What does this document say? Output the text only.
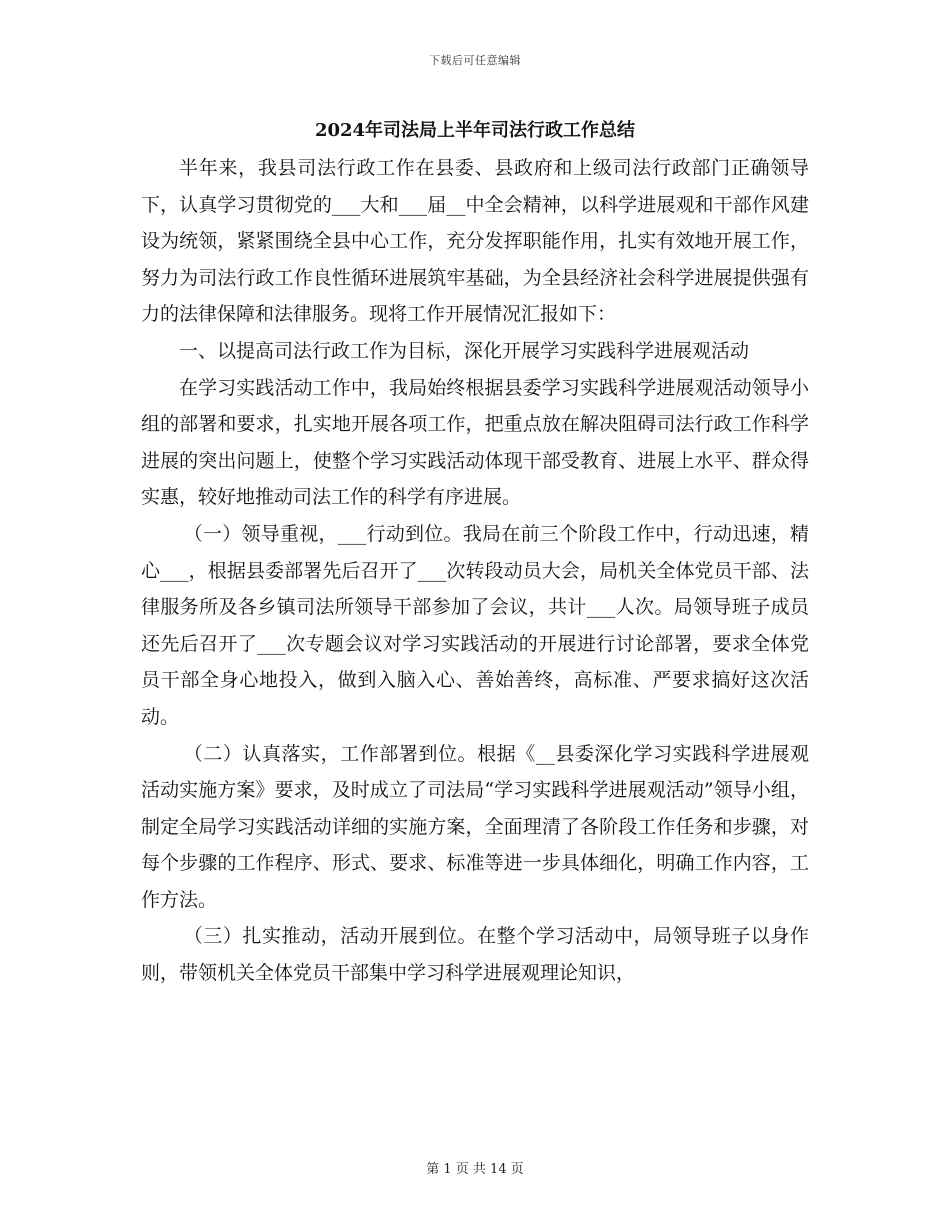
下载后可任意编辑
2024年司法局上半年司法行政工作总结

半年来，我县司法行政工作在县委、县政府和上级司法行政部门正确领导下，认真学习贯彻党的___大和___届__中全会精神，以科学进展观和干部作风建设为统领，紧紧围绕全县中心工作，充分发挥职能作用，扎实有效地开展工作，努力为司法行政工作良性循环进展筑牢基础，为全县经济社会科学进展提供强有力的法律保障和法律服务。现将工作开展情况汇报如下：

一、以提高司法行政工作为目标，深化开展学习实践科学进展观活动

在学习实践活动工作中，我局始终根据县委学习实践科学进展观活动领导小组的部署和要求，扎实地开展各项工作，把重点放在解决阻碍司法行政工作科学进展的突出问题上，使整个学习实践活动体现干部受教育、进展上水平、群众得实惠，较好地推动司法工作的科学有序进展。

（一）领导重视，___行动到位。我局在前三个阶段工作中，行动迅速，精心___，根据县委部署先后召开了___次转段动员大会，局机关全体党员干部、法律服务所及各乡镇司法所领导干部参加了会议，共计___人次。局领导班子成员还先后召开了___次专题会议对学习实践活动的开展进行讨论部署，要求全体党员干部全身心地投入，做到入脑入心、善始善终，高标准、严要求搞好这次活动。

（二）认真落实，工作部署到位。根据《__县委深化学习实践科学进展观活动实施方案》要求，及时成立了司法局“学习实践科学进展观活动”领导小组，制定全局学习实践活动详细的实施方案，全面理清了各阶段工作任务和步骤，对每个步骤的工作程序、形式、要求、标准等进一步具体细化，明确工作内容，工作方法。

（三）扎实推动，活动开展到位。在整个学习活动中，局领导班子以身作则，带领机关全体党员干部集中学习科学进展观理论知识，

第 1 页 共 14 页
